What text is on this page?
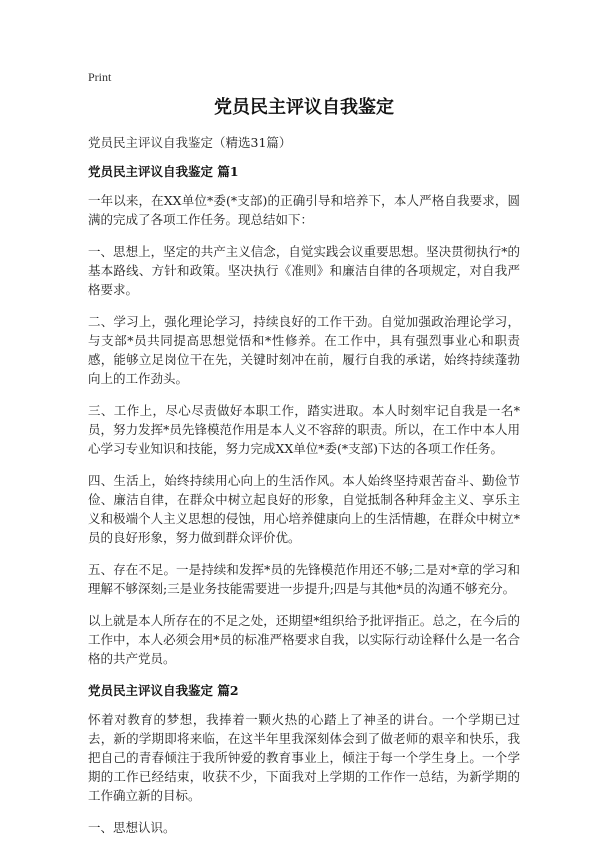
Print
党员民主评议自我鉴定

党员民主评议自我鉴定（精选31篇）

党员民主评议自我鉴定 篇1

一年以来，在XX单位*委(*支部)的正确引导和培养下，本人严格自我要求，圆满的完成了各项工作任务。现总结如下：

一、思想上，坚定的共产主义信念，自觉实践会议重要思想。坚决贯彻执行*的基本路线、方针和政策。坚决执行《准则》和廉洁自律的各项规定，对自我严格要求。

二、学习上，强化理论学习，持续良好的工作干劲。自觉加强政治理论学习，与支部*员共同提高思想觉悟和*性修养。在工作中，具有强烈事业心和职责感，能够立足岗位干在先，关键时刻冲在前，履行自我的承诺，始终持续蓬勃向上的工作劲头。

三、工作上，尽心尽责做好本职工作，踏实进取。本人时刻牢记自我是一名*员，努力发挥*员先锋模范作用是本人义不容辞的职责。所以，在工作中本人用心学习专业知识和技能，努力完成XX单位*委(*支部)下达的各项工作任务。

四、生活上，始终持续用心向上的生活作风。本人始终坚持艰苦奋斗、勤俭节俭、廉洁自律，在群众中树立起良好的形象，自觉抵制各种拜金主义、享乐主义和极端个人主义思想的侵蚀，用心培养健康向上的生活情趣，在群众中树立*员的良好形象，努力做到群众评价优。

五、存在不足。一是持续和发挥*员的先锋模范作用还不够;二是对*章的学习和理解不够深刻;三是业务技能需要进一步提升;四是与其他*员的沟通不够充分。

以上就是本人所存在的不足之处，还期望*组织给予批评指正。总之，在今后的工作中，本人必须会用*员的标准严格要求自我，以实际行动诠释什么是一名合格的共产党员。

党员民主评议自我鉴定 篇2

怀着对教育的梦想，我捧着一颗火热的心踏上了神圣的讲台。一个学期已过去，新的学期即将来临，在这半年里我深刻体会到了做老师的艰辛和快乐，我把自己的青春倾注于我所钟爱的教育事业上，倾注于每一个学生身上。一个学期的工作已经结束，收获不少，下面我对上学期的工作作一总结，为新学期的工作确立新的目标。

一、思想认识。
